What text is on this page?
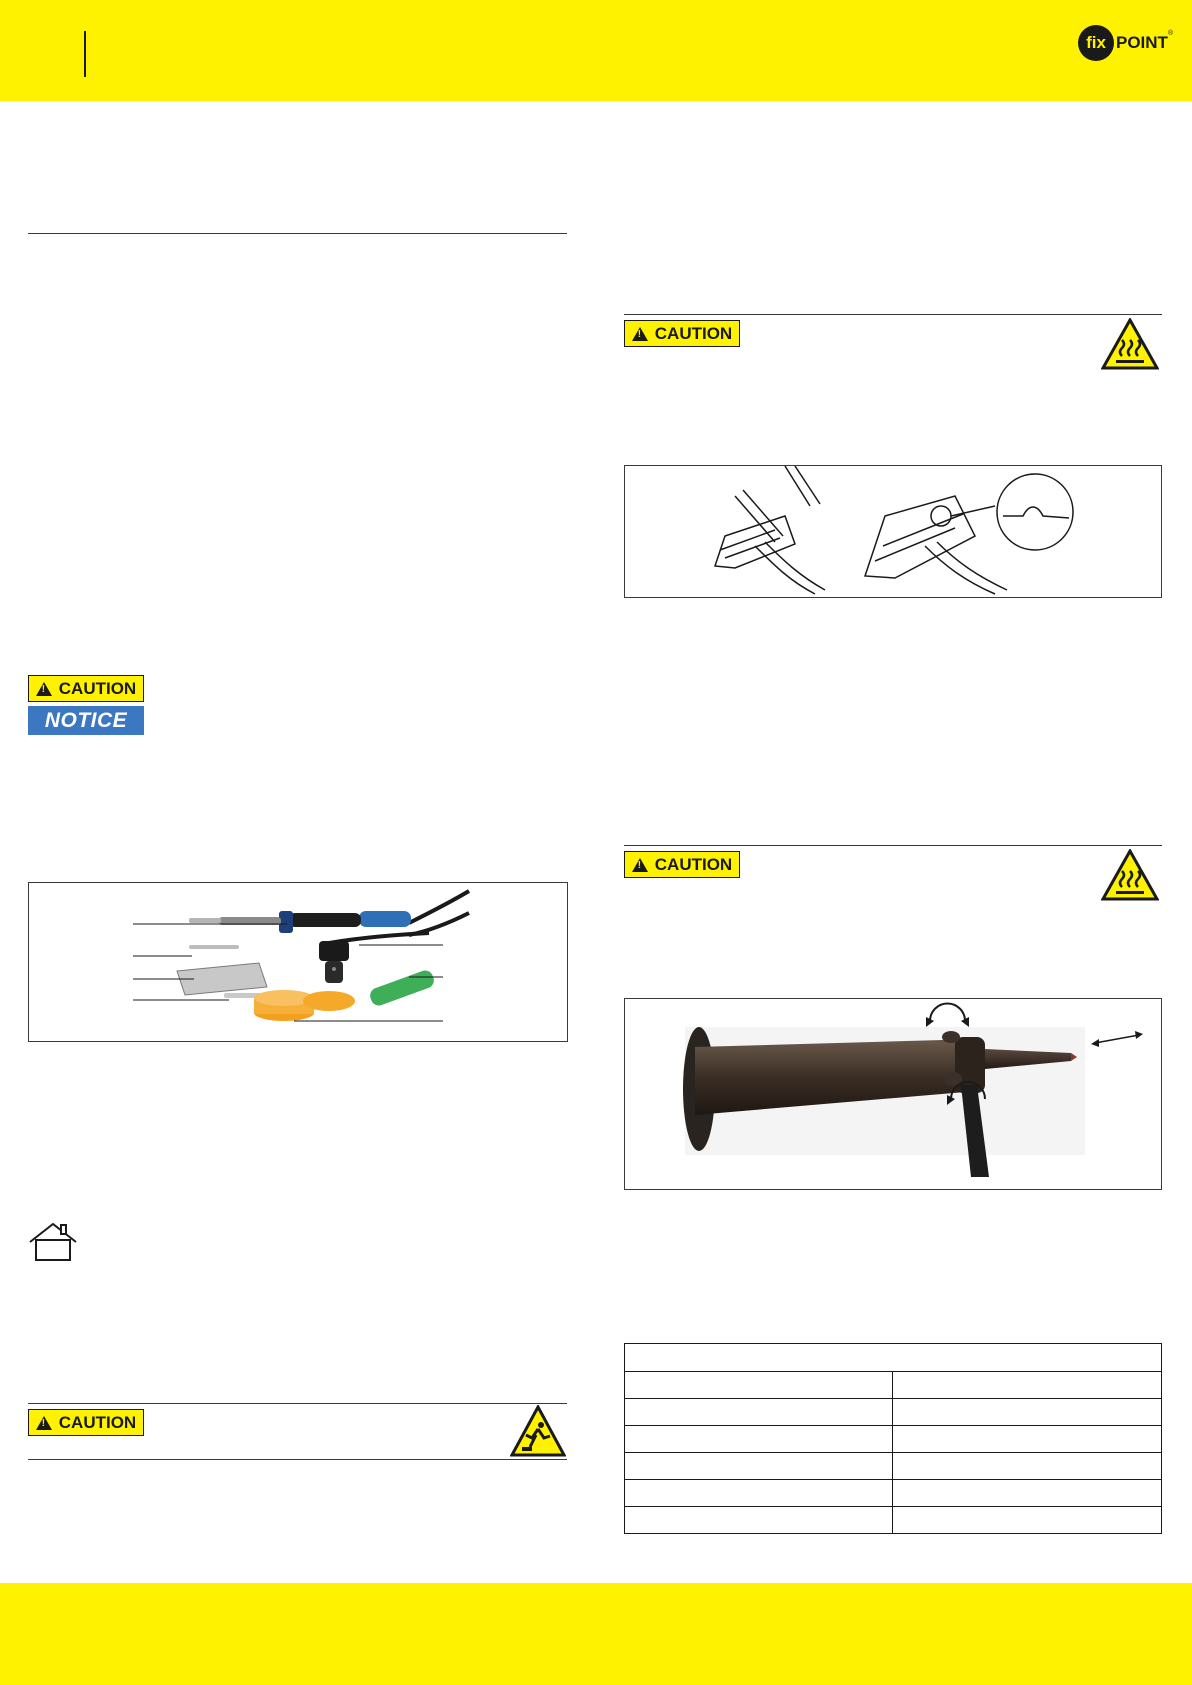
fix POINT ®
!
CAUTION
NOTICE
!
CAUTION
!
CAUTION
!
CAUTION
